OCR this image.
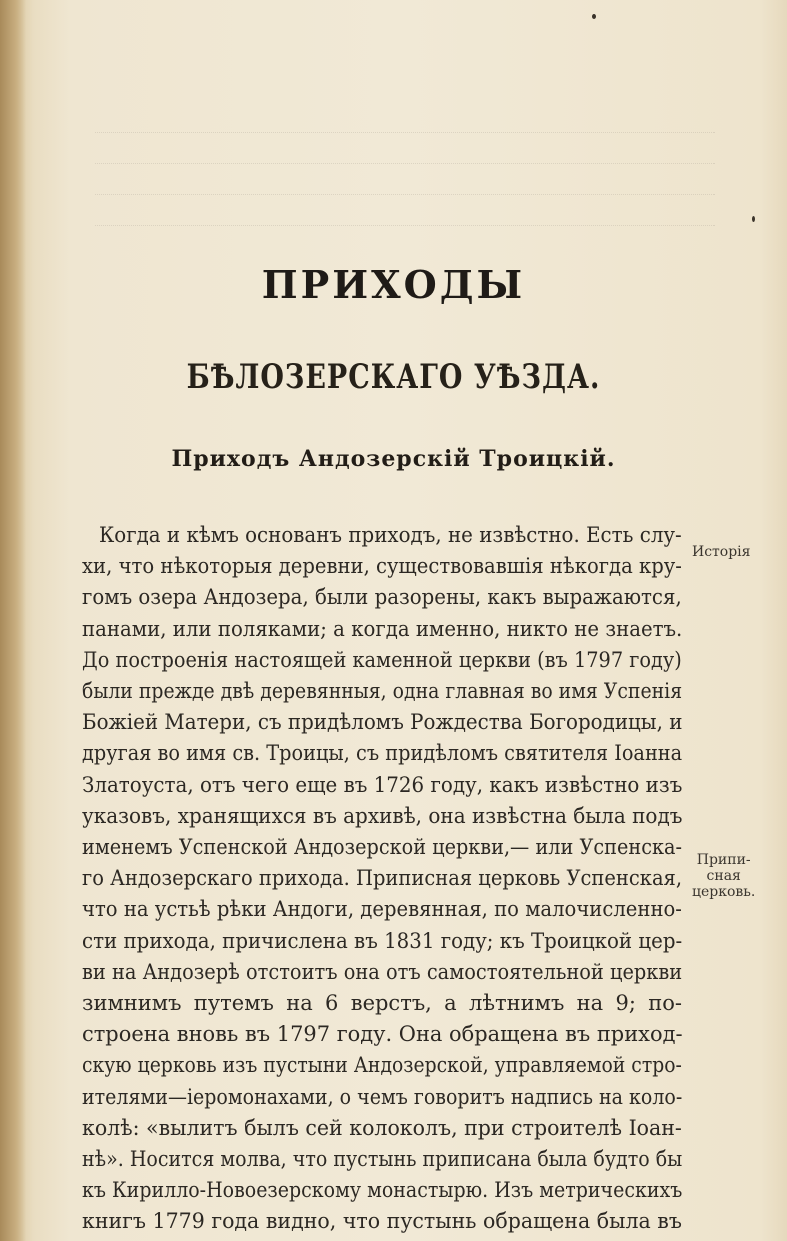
ПРИХОДЫ
БѢЛОЗЕРСКАГО УѢЗДА.
Приходъ Андозерскій Троицкій.
Когда и кѣмъ основанъ приходъ, не извѣстно. Есть слу-
хи, что нѣкоторыя деревни, существовавшія нѣкогда кру-
гомъ озера Андозера, были разорены, какъ выражаются,
панами, или поляками; а когда именно, никто не знаетъ.
До построенія настоящей каменной церкви (въ 1797 году)
были прежде двѣ деревянныя, одна главная во имя Успенія
Божіей Матери, съ придѣломъ Рождества Богородицы, и
другая во имя св. Троицы, съ придѣломъ святителя Іоанна
Златоуста, отъ чего еще въ 1726 году, какъ извѣстно изъ
указовъ, хранящихся въ архивѣ, она извѣстна была подъ
именемъ Успенской Андозерской церкви,— или Успенска-
го Андозерскаго прихода. Приписная церковь Успенская,
что на устьѣ рѣки Андоги, деревянная, по малочисленно-
сти прихода, причислена въ 1831 году; къ Троицкой цер-
ви на Андозерѣ отстоитъ она отъ самостоятельной церкви
зимнимъ путемъ на 6 верстъ, а лѣтнимъ на 9; по-
строена вновь въ 1797 году. Она обращена въ приход-
скую церковь изъ пустыни Андозерской, управляемой стро-
ителями—іеромонахами, о чемъ говоритъ надпись на коло-
колѣ: «вылитъ былъ сей колоколъ, при строителѣ Іоан-
нѣ». Носится молва, что пустынь приписана была будто бы
къ Кирилло-Новоезерскому монастырю. Изъ метрическихъ
книгъ 1779 года видно, что пустынь обращена была въ
Исторія
Припи-
сная
церковь.
